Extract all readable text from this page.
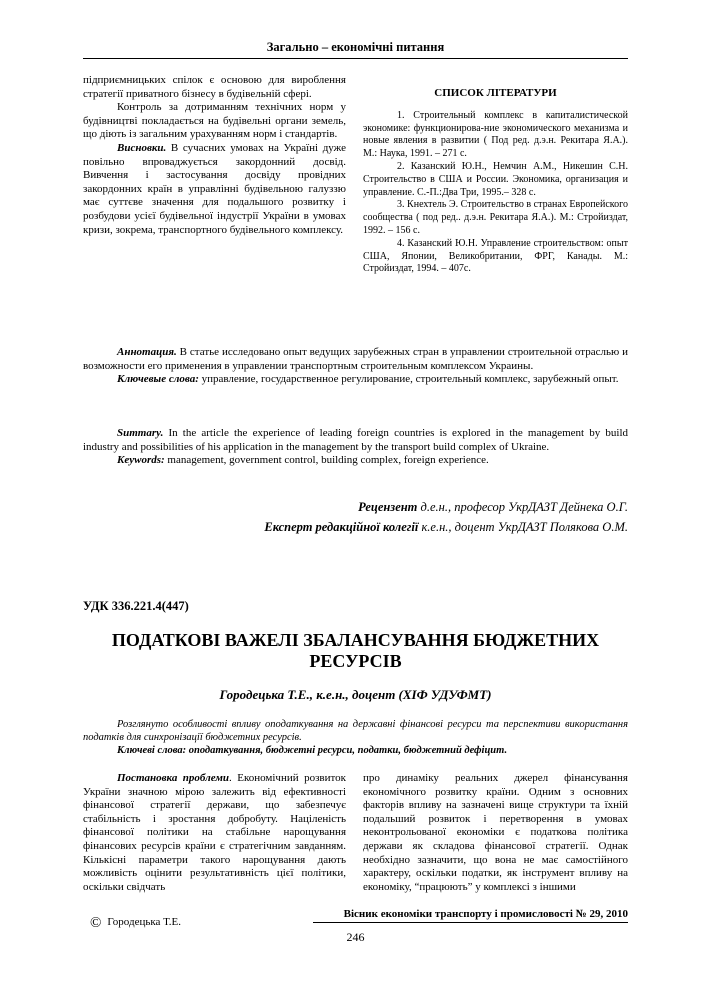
Загально – економічні питання

підприємницьких спілок є основою для вироблення стратегії приватного бізнесу в будівельній сфері.

Контроль за дотриманням технічних норм у будівництві покладається на будівельні органи земель, що діють із загальним урахуванням норм і стандартів.

Висновки. В сучасних умовах на Україні дуже повільно впроваджується закордонний досвід. Вивчення і застосування досвіду провідних закордонних країн в управлінні будівельною галуззю має суттєве значення для подальшого розвитку і розбудови усієї будівельної індустрії України в умовах кризи, зокрема, транспортного будівельного комплексу.

СПИСОК ЛІТЕРАТУРИ

1. Строительный комплекс в капиталистической экономике: функционирова-ние экономического механизма и новые явления в развитии ( Под ред. д.э.н. Рекитара Я.А.). М.: Наука, 1991. – 271 с.

2. Казанский Ю.Н., Немчин А.М., Никешин С.Н. Строительство в США и России. Экономика, организация и управление. С.-П.:Два Три, 1995.– 328 с.

3. Кнехтель Э. Строительство в странах Европейского сообщества ( под ред.. д.э.н. Рекитара Я.А.). М.: Стройиздат, 1992. – 156 с.

4. Казанский Ю.Н. Управление строительством: опыт США, Японии, Великобритании, ФРГ, Канады. М.: Стройиздат, 1994. – 407с.

Аннотация. В статье исследовано опыт ведущих зарубежных стран в управлении строительной отраслью и возможности его применения в управлении транспортным строительным комплексом Украины.

Ключевые слова: управление, государственное регулирование, строительный комплекс, зарубежный опыт.

Summary. In the article the experience of leading foreign countries is explored in the management by build industry and possibilities of his application in the management by the transport build complex of Ukraine.

Keywords: management, government control, building complex, foreign experience.

Рецензент д.е.н., професор УкрДАЗТ Дейнека О.Г.
Експерт редакційної колегії к.е.н., доцент УкрДАЗТ Полякова О.М.
УДК 336.221.4(447)
ПОДАТКОВІ ВАЖЕЛІ ЗБАЛАНСУВАННЯ БЮДЖЕТНИХ
РЕСУРСІВ
Городецька Т.Е., к.е.н., доцент (ХІФ УДУФМТ)

Розглянуто особливості впливу оподаткування на державні фінансові ресурси та перспективи використання податків для синхронізації бюджетних ресурсів.

Ключеві слова: оподаткування, бюджетні ресурси, податки, бюджетний дефіцит.

Постановка проблеми. Економічний розвиток України значною мірою залежить від ефективності фінансової стратегії держави, що забезпечує стабільність і зростання добробуту. Націленість фінансової політики на стабільне нарощування фінансових ресурсів країни є стратегічним завданням. Кількісні параметри такого нарощування дають можливість оцінити результативність цієї політики, оскільки свідчать

про динаміку реальних джерел фінансування економічного розвитку країни. Одним з основних факторів впливу на зазначені вище структури та їхній подальший розвиток і перетворення в умовах неконтрольованої економіки є податкова політика держави як складова фінансової стратегії. Однак необхідно зазначити, що вона не має самостійного характеру, оскільки податки, як інструмент впливу на економіку, “працюють” у комплексі з іншими

© Городецька Т.Е.
Вісник економіки транспорту і промисловості № 29, 2010
246
